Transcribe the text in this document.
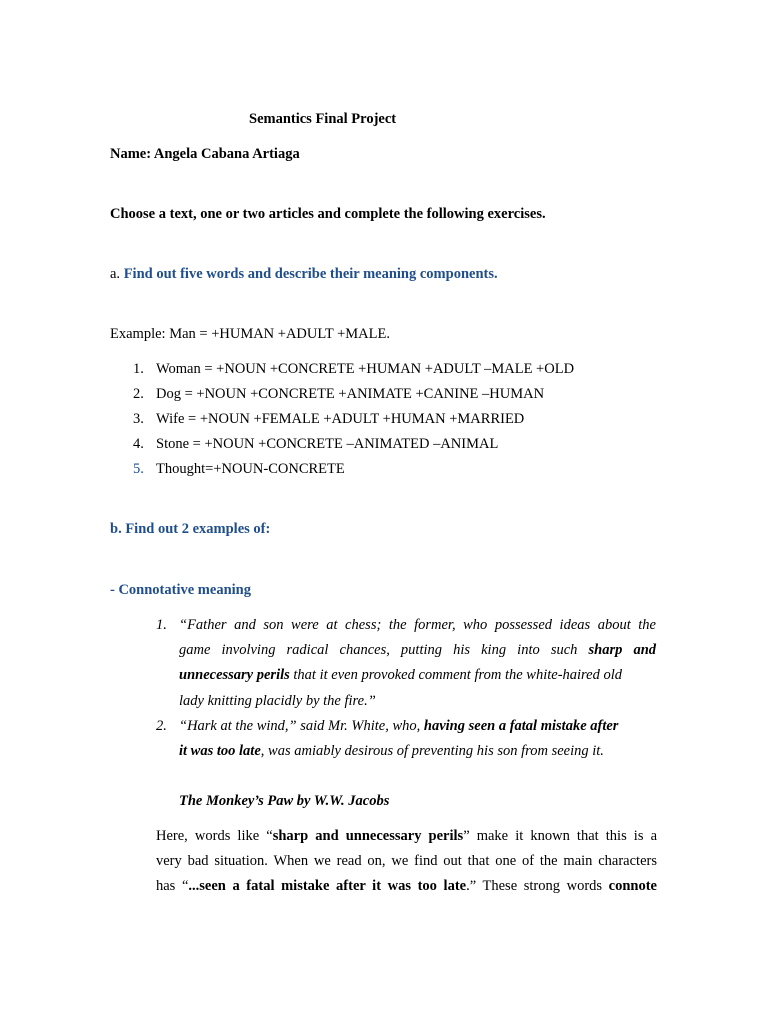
Semantics Final Project
Name: Angela Cabana Artiaga
Choose a text, one or two articles and complete the following exercises.
a. Find out five words and describe their meaning components.
Example: Man = +HUMAN +ADULT +MALE.
1. Woman = +NOUN +CONCRETE +HUMAN +ADULT –MALE +OLD
2. Dog = +NOUN +CONCRETE +ANIMATE +CANINE –HUMAN
3. Wife = +NOUN +FEMALE +ADULT +HUMAN +MARRIED
4. Stone = +NOUN +CONCRETE –ANIMATED –ANIMAL
5. Thought=+NOUN-CONCRETE
b. Find out 2 examples of:
- Connotative meaning
1. “Father and son were at chess; the former, who possessed ideas about the
game involving radical chances, putting his king into such sharp and
unnecessary perils that it even provoked comment from the white-haired old
lady knitting placidly by the fire.”
2. “Hark at the wind,” said Mr. White, who, having seen a fatal mistake after
it was too late, was amiably desirous of preventing his son from seeing it.
The Monkey’s Paw by W.W. Jacobs
Here, words like “sharp and unnecessary perils” make it known that this is a
very bad situation. When we read on, we find out that one of the main characters
has “...seen a fatal mistake after it was too late.” These strong words connote
